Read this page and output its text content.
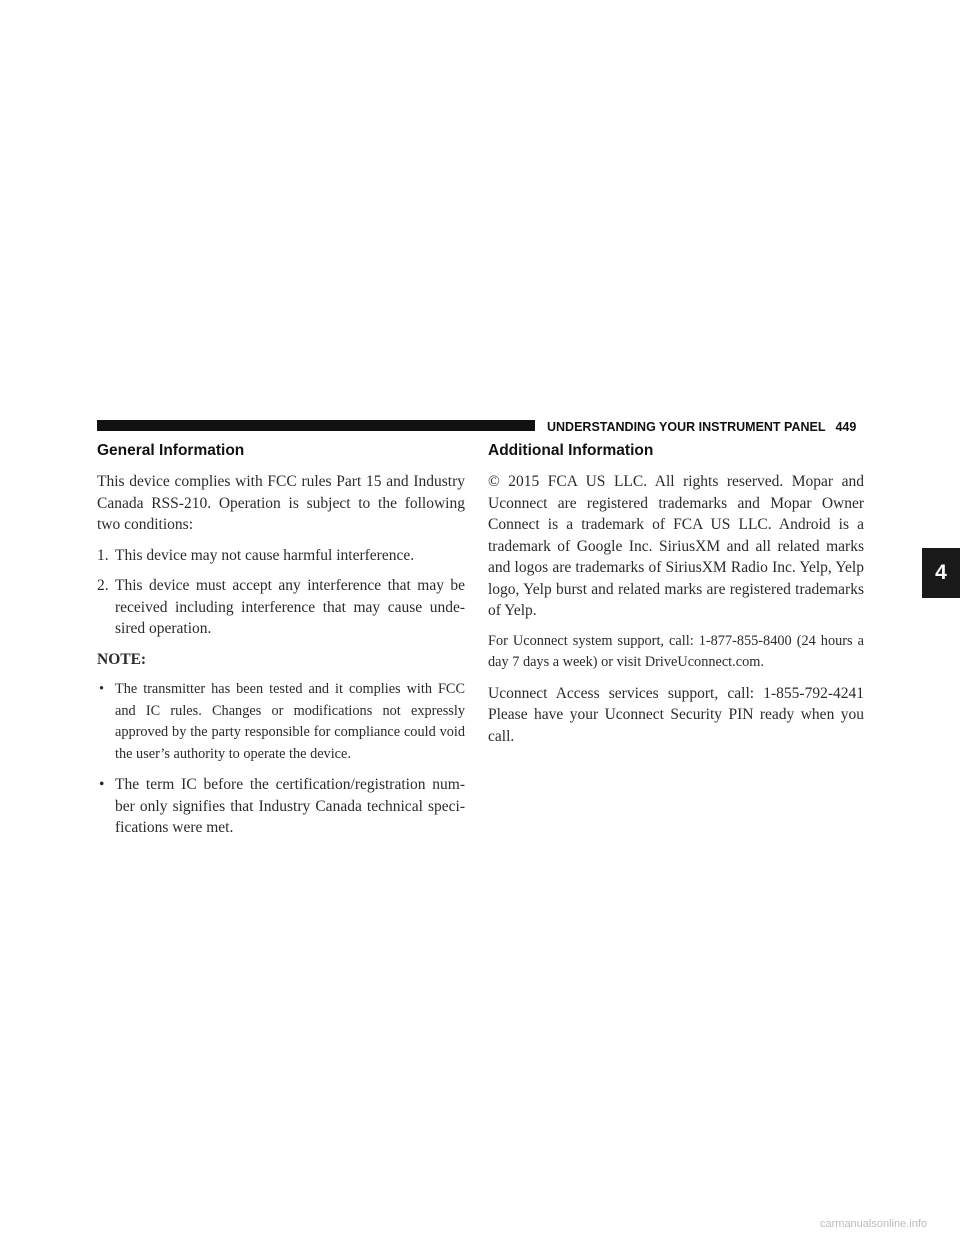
UNDERSTANDING YOUR INSTRUMENT PANEL 449
4
General Information

This device complies with FCC rules Part 15 and Industry Canada RSS-210. Operation is subject to the following two conditions:

1. This device may not cause harmful interference.
2. This device must accept any interference that may be received including interference that may cause unde-sired operation.
NOTE:
• The transmitter has been tested and it complies with FCC and IC rules. Changes or modifications not expressly approved by the party responsible for compliance could void the user’s authority to operate the device.
• The term IC before the certification/registration num-ber only signifies that Industry Canada technical speci-fications were met.
Additional Information

© 2015 FCA US LLC. All rights reserved. Mopar and Uconnect are registered trademarks and Mopar Owner Connect is a trademark of FCA US LLC. Android is a trademark of Google Inc. SiriusXM and all related marks and logos are trademarks of SiriusXM Radio Inc. Yelp, Yelp logo, Yelp burst and related marks are registered trademarks of Yelp.

For Uconnect system support, call: 1-877-855-8400 (24 hours a day 7 days a week) or visit DriveUconnect.com.

Uconnect Access services support, call: 1-855-792-4241 Please have your Uconnect Security PIN ready when you call.

carmanualsonline.info
